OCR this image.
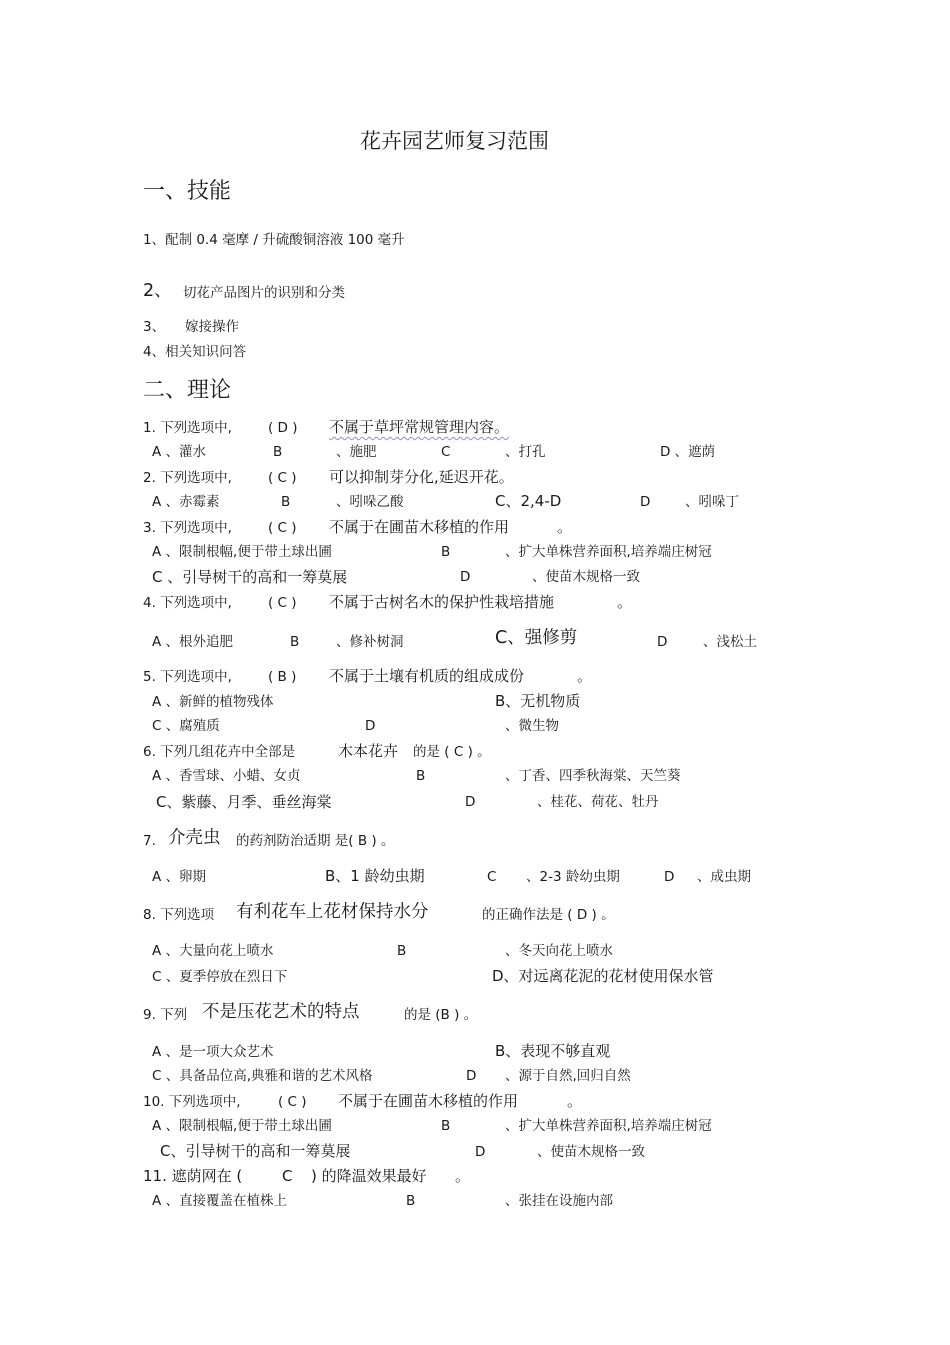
花卉园艺师复习范围
一、技能
1、配制 0.4 毫摩 / 升硫酸铜溶液 100 毫升
2、 切花产品图片的识别和分类
3、 嫁接操作
4、相关知识问答
二、理论
1. 下列选项中,	( D ) 不属于草坪常规管理内容。
A 、灌水	B	、施肥	C	、打孔	D 、遮荫
2. 下列选项中,	( C ) 可以抑制芽分化,延迟开花。
A 、赤霉素	B	、吲哚乙酸	C、2,4-D	D	、吲哚丁
3. 下列选项中,	( C ) 不属于在圃苗木移植的作用	。
A 、限制根幅,便于带土球出圃	B	、扩大单株营养面积,培养端庄树冠
C 、引导树干的高和一筹莫展	D	、使苗木规格一致
4. 下列选项中,	( C ) 不属于古树名木的保护性栽培措施	。
A 、根外追肥	B	、修补树洞	C、强修剪	D	、浅松土
5. 下列选项中,	( B ) 不属于土壤有机质的组成成份	。
A 、新鲜的植物残体	B、无机物质
C 、腐殖质	D	、微生物
6. 下列几组花卉中全部是	木本花卉 的是 ( C ) 。
A 、香雪球、小蜡、女贞	B	、丁香、四季秋海棠、天竺葵
C、紫藤、月季、垂丝海棠	D	、桂花、荷花、牡丹
7. 介壳虫 的药剂防治适期 是( B ) 。
A 、卵期	B、1 龄幼虫期	C 、2-3 龄幼虫期	D 、成虫期
8. 下列选项 有利花车上花材保持水分	的正确作法是 ( D ) 。
A 、大量向花上喷水	B	、冬天向花上喷水
C 、夏季停放在烈日下	D、对远离花泥的花材使用保水管
9. 下列 不是压花艺术的特点	的是 (B ) 。
A 、是一项大众艺术	B、表现不够直观
C 、具备品位高,典雅和谐的艺术风格	D 、源于自然,回归自然
10. 下列选项中,	( C ) 不属于在圃苗木移植的作用	。
A 、限制根幅,便于带土球出圃	B	、扩大单株营养面积,培养端庄树冠
C、引导树干的高和一筹莫展	D	、使苗木规格一致
11. 遮荫网在 (	C ) 的降温效果最好 。
A 、直接覆盖在植株上	B	、张挂在设施内部
